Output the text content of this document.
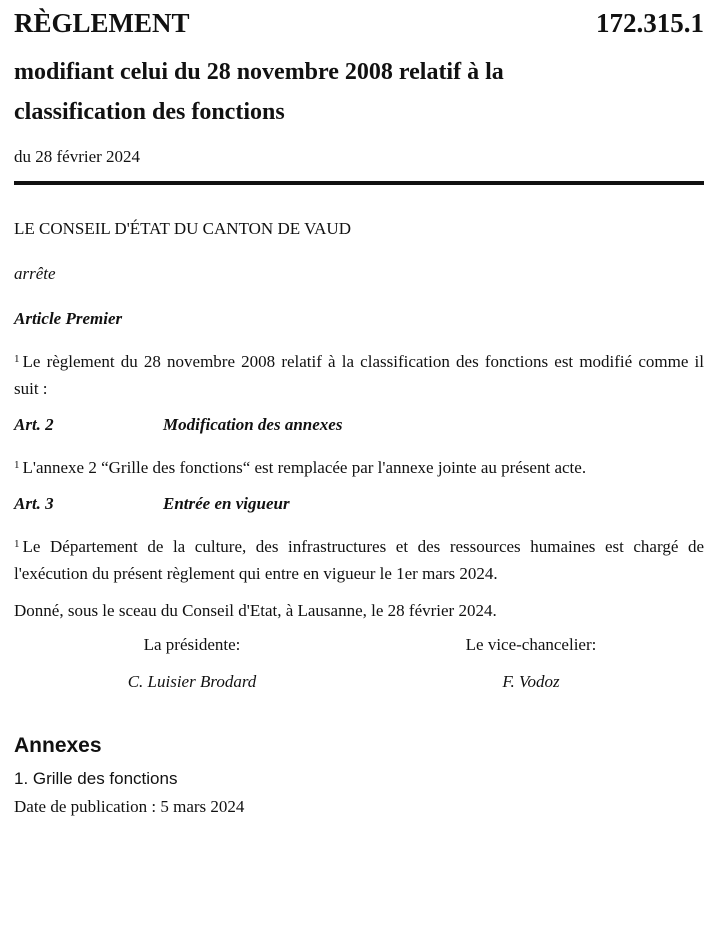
RÈGLEMENT	172.315.1
modifiant celui du 28 novembre 2008 relatif à la
classification des fonctions
du 28 février 2024
LE CONSEIL D'ÉTAT DU CANTON DE VAUD
arrête
Article Premier
$^1$ Le règlement du 28 novembre 2008 relatif à la classification des fonctions est modifié comme il suit :
Art. 2	Modification des annexes
$^1$ L'annexe 2 “Grille des fonctions“ est remplacée par l'annexe jointe au présent acte.
Art. 3	Entrée en vigueur
$^1$ Le Département de la culture, des infrastructures et des ressources humaines est chargé de l'exécution du présent règlement qui entre en vigueur le 1er mars 2024.
Donné, sous le sceau du Conseil d'Etat, à Lausanne, le 28 février 2024.
La présidente:	Le vice-chancelier:
C. Luisier Brodard	F. Vodoz
Annexes
1. Grille des fonctions
Date de publication : 5 mars 2024
